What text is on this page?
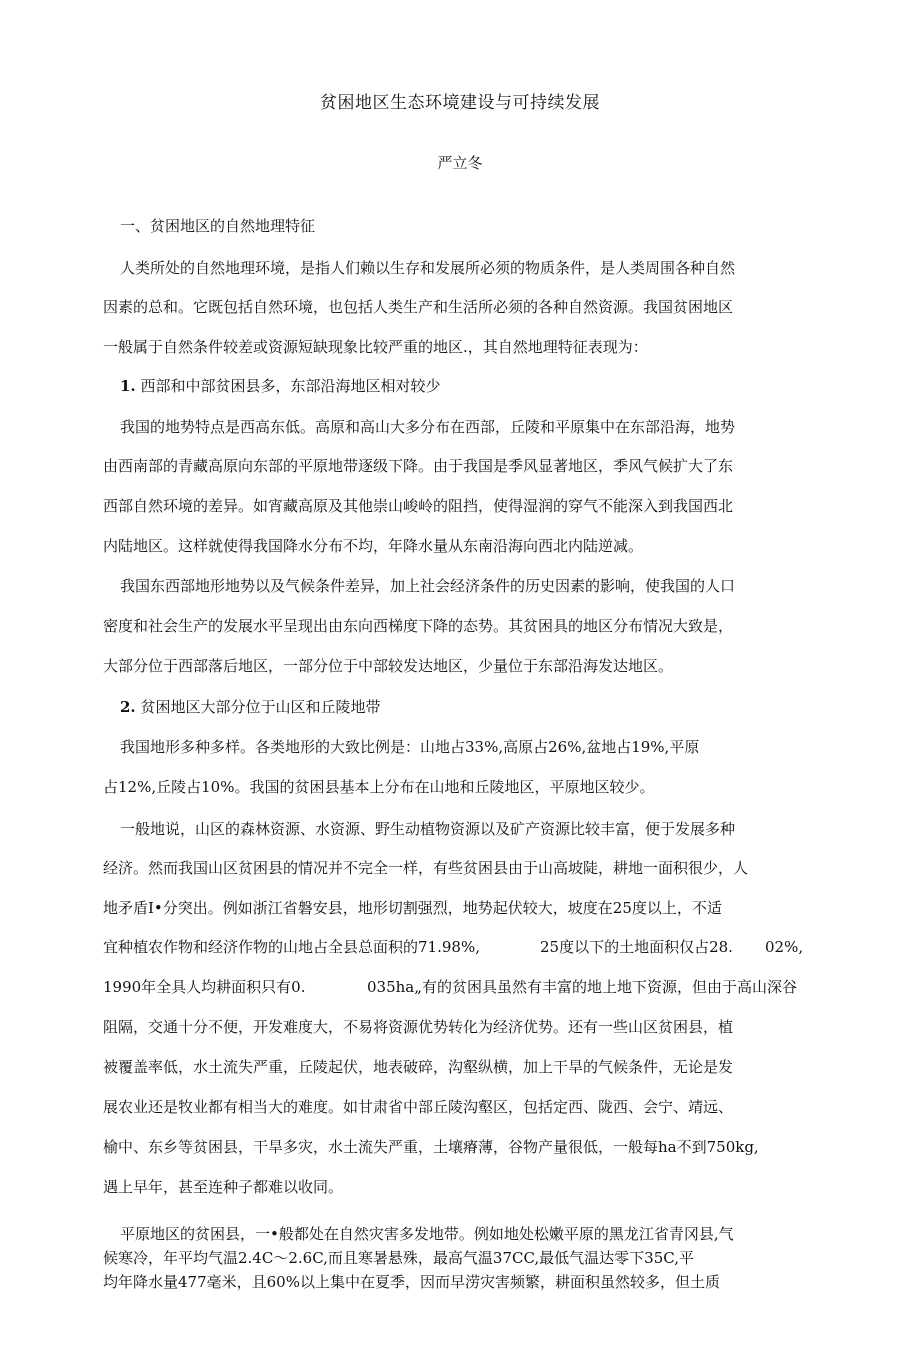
贫困地区生态环境建设与可持续发展
严立冬
一、贫困地区的自然地理特征
人类所处的自然地理环境，是指人们赖以生存和发展所必须的物质条件，是人类周围各种自然
因素的总和。它既包括自然环境，也包括人类生产和生活所必须的各种自然资源。我国贫困地区
一般属于自然条件较差或资源短缺现象比较严重的地区.，其自然地理特征表现为：
1. 西部和中部贫困县多，东部沿海地区相对较少
我国的地势特点是西高东低。高原和高山大多分布在西部，丘陵和平原集中在东部沿海，地势
由西南部的青藏高原向东部的平原地带逐级下降。由于我国是季风显著地区，季风气候扩大了东
西部自然环境的差异。如宵藏高原及其他崇山峻岭的阻挡，使得湿润的穿气不能深入到我国西北
内陆地区。这样就使得我国降水分布不均，年降水量从东南沿海向西北内陆逆减。
我国东西部地形地势以及气候条件差异，加上社会经济条件的历史因素的影响，使我国的人口
密度和社会生产的发展水平呈现出由东向西梯度下降的态势。其贫困具的地区分布情况大致是，
大部分位于西部落后地区，一部分位于中部较发达地区，少量位于东部沿海发达地区。
2. 贫困地区大部分位于山区和丘陵地带
我国地形多种多样。各类地形的大致比例是：山地占33%,高原占26%,盆地占19%,平原
占12%,丘陵占10%。我国的贫困县基本上分布在山地和丘陵地区，平原地区较少。
一般地说，山区的森林资源、水资源、野生动植物资源以及矿产资源比较丰富，便于发展多种
经济。然而我国山区贫困县的情况并不完全一样，有些贫困县由于山高坡陡，耕地一面积很少，人
地矛盾I•分突出。例如浙江省磐安县，地形切割强烈，地势起伏较大，坡度在25度以上，不适
宜种植农作物和经济作物的山地占全县总面积的71.98%,	25度以下的土地面积仅占28. 02%,
1990年全具人均耕面积只有0.	035ha„有的贫困具虽然有丰富的地上地下资源，但由于高山深谷
阻隔，交通十分不便，开发难度大，不易将资源优势转化为经济优势。还有一些山区贫困县，植
被覆盖率低，水土流失严重，丘陵起伏，地表破碎，沟壑纵横，加上干旱的气候条件，无论是发
展农业还是牧业都有相当大的难度。如甘肃省中部丘陵沟壑区，包括定西、陇西、会宁、靖远、
榆中、东乡等贫困县，干旱多灾，水土流失严重，土壤瘠薄，谷物产量很低，一般每ha不到750kg,
遇上早年，甚至连种子都难以收同。
平原地区的贫困县，一•般都处在自然灾害多发地带。例如地处松嫩平原的黑龙江省青冈县,气
候寒冷，年平均气温2.4C〜2.6C,而且寒暑悬殊，最高气温37CC,最低气温达零下35C,平
均年降水量477毫米，且60%以上集中在夏季，因而早涝灾害频繁，耕面积虽然较多，但土质
